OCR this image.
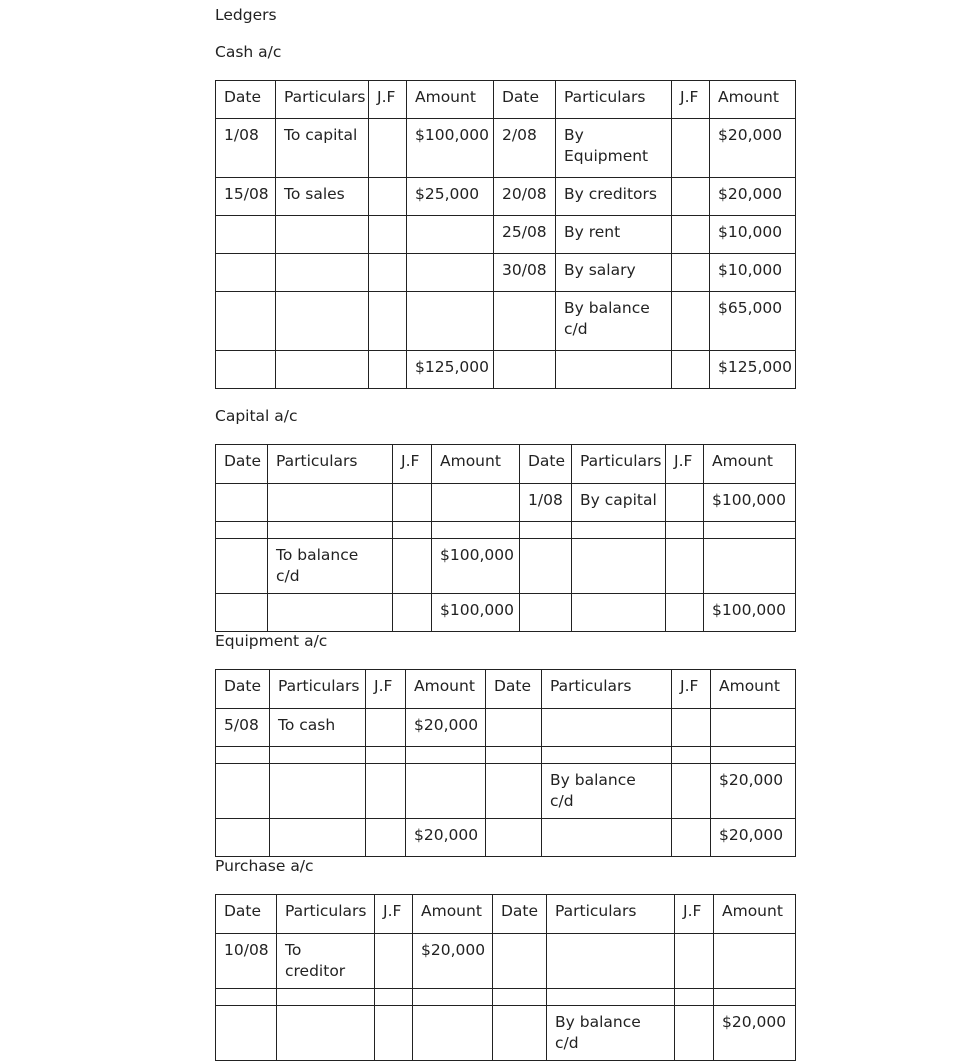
Ledgers
Cash a/c
Date	Particulars	J.F	Amount	Date	Particulars	J.F	Amount
1/08	To capital		$100,000	2/08	By Equipment		$20,000
15/08	To sales		$25,000	20/08	By creditors		$20,000
				25/08	By rent		$10,000
				30/08	By salary		$10,000
					By balance c/d		$65,000
			$125,000				$125,000
Capital a/c
Date	Particulars	J.F	Amount	Date	Particulars	J.F	Amount
				1/08	By capital		$100,000

	To balance c/d		$100,000				
			$100,000				$100,000
Equipment a/c
Date	Particulars	J.F	Amount	Date	Particulars	J.F	Amount
5/08	To cash		$20,000				

					By balance c/d		$20,000
			$20,000				$20,000
Purchase a/c
Date	Particulars	J.F	Amount	Date	Particulars	J.F	Amount
10/08	To creditor		$20,000				

					By balance c/d		$20,000
